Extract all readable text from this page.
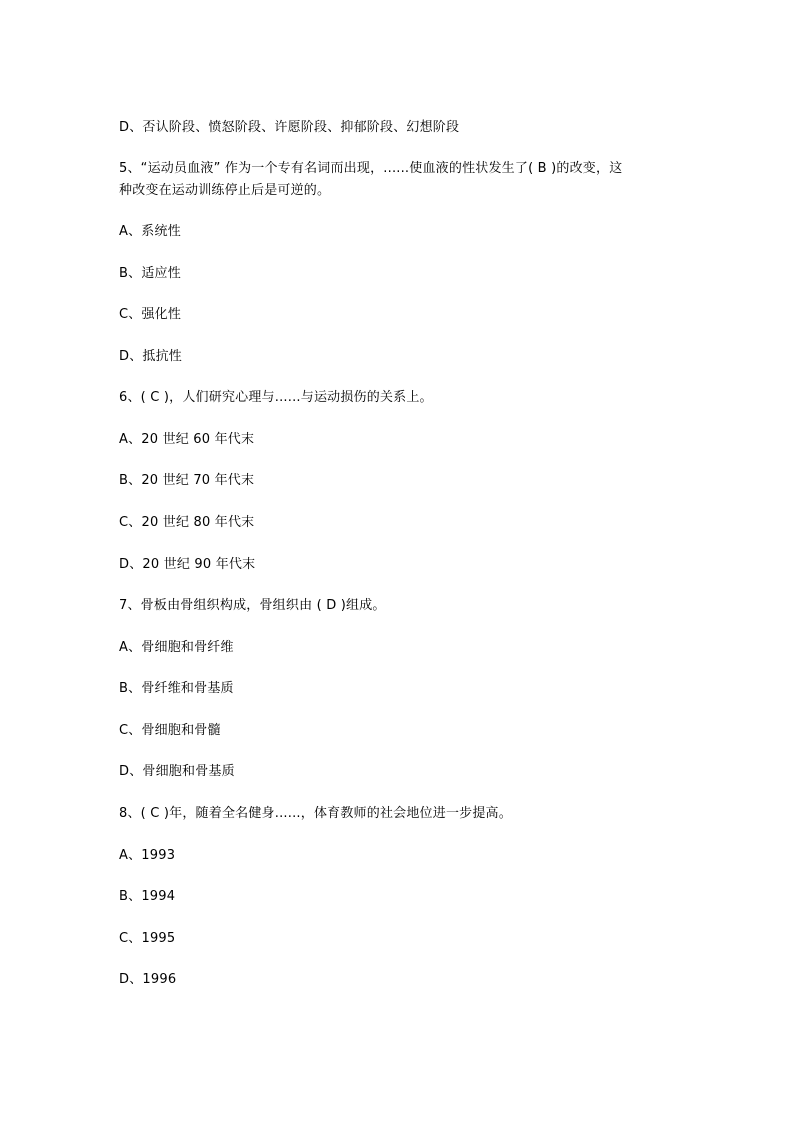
D、否认阶段、愤怒阶段、许愿阶段、抑郁阶段、幻想阶段
5、“运动员血液” 作为一个专有名词而出现，......使血液的性状发生了( B )的改变，这
种改变在运动训练停止后是可逆的。
A、系统性
B、适应性
C、强化性
D、抵抗性
6、( C )，人们研究心理与......与运动损伤的关系上。
A、20 世纪 60 年代末
B、20 世纪 70 年代末
C、20 世纪 80 年代末
D、20 世纪 90 年代末
7、骨板由骨组织构成，骨组织由 ( D )组成。
A、骨细胞和骨纤维
B、骨纤维和骨基质
C、骨细胞和骨髓
D、骨细胞和骨基质
8、( C )年，随着全名健身......，体育教师的社会地位进一步提高。
A、1993
B、1994
C、1995
D、1996
